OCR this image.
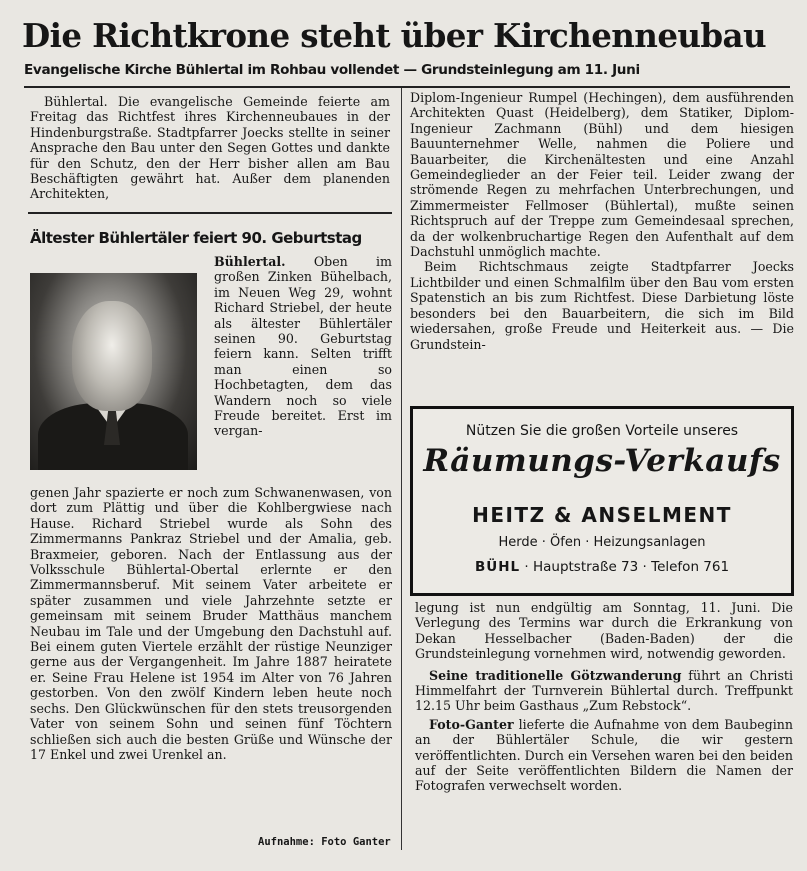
Die Richtkrone steht über Kirchenneubau
Evangelische Kirche Bühlertal im Rohbau vollendet — Grundsteinlegung am 11. Juni

Bühlertal. Die evangelische Gemeinde feierte am Freitag das Richtfest ihres Kirchenneubaues in der Hindenburgstraße. Stadtpfarrer Joecks stellte in seiner Ansprache den Bau unter den Segen Gottes und dankte für den Schutz, den der Herr bisher allen am Bau Beschäftigten gewährt hat. Außer dem planenden Architekten,

Ältester Bühlertäler feiert 90. Geburtstag

Bühlertal. Oben im großen Zinken Bühelbach, im Neuen Weg 29, wohnt Richard Striebel, der heute als ältester Bühlertäler seinen 90. Geburtstag feiern kann. Selten trifft man einen so Hochbetagten, dem das Wandern noch so viele Freude bereitet. Erst im vergan-

genen Jahr spazierte er noch zum Schwanenwasen, von dort zum Plättig und über die Kohlbergwiese nach Hause. Richard Striebel wurde als Sohn des Zimmermanns Pankraz Striebel und der Amalia, geb. Braxmeier, geboren. Nach der Entlassung aus der Volksschule Bühlertal-Obertal erlernte er den Zimmermannsberuf. Mit seinem Vater arbeitete er später zusammen und viele Jahrzehnte setzte er gemeinsam mit seinem Bruder Matthäus manchem Neubau im Tale und der Umgebung den Dachstuhl auf. Bei einem guten Viertele erzählt der rüstige Neunziger gerne aus der Vergangenheit. Im Jahre 1887 heiratete er. Seine Frau Helene ist 1954 im Alter von 76 Jahren gestorben. Von den zwölf Kindern leben heute noch sechs. Den Glückwünschen für den stets treusorgenden Vater von seinem Sohn und seinen fünf Töchtern schließen sich auch die besten Grüße und Wünsche der 17 Enkel und zwei Urenkel an.

Aufnahme: Foto Ganter

Diplom-Ingenieur Rumpel (Hechingen), dem ausführenden Architekten Quast (Heidelberg), dem Statiker, Diplom-Ingenieur Zachmann (Bühl) und dem hiesigen Bauunternehmer Welle, nahmen die Poliere und Bauarbeiter, die Kirchenältesten und eine Anzahl Gemeindeglieder an der Feier teil. Leider zwang der strömende Regen zu mehrfachen Unterbrechungen, und Zimmermeister Fellmoser (Bühlertal), mußte seinen Richtspruch auf der Treppe zum Gemeindesaal sprechen, da der wolkenbruchartige Regen den Aufenthalt auf dem Dachstuhl unmöglich machte.

Beim Richtschmaus zeigte Stadtpfarrer Joecks Lichtbilder und einen Schmalfilm über den Bau vom ersten Spatenstich an bis zum Richtfest. Diese Darbietung löste besonders bei den Bauarbeitern, die sich im Bild wiedersahen, große Freude und Heiterkeit aus. — Die Grundstein-

Nützen Sie die großen Vorteile unseres
Räumungs-Verkaufs
HEITZ & ANSELMENT
Herde · Öfen · Heizungsanlagen
BÜHL · Hauptstraße 73 · Telefon 761

legung ist nun endgültig am Sonntag, 11. Juni. Die Verlegung des Termins war durch die Erkrankung von Dekan Hesselbacher (Baden-Baden) der die Grundsteinlegung vornehmen wird, notwendig geworden.

Seine traditionelle Götzwanderung führt an Christi Himmelfahrt der Turnverein Bühlertal durch. Treffpunkt 12.15 Uhr beim Gasthaus „Zum Rebstock“.

Foto-Ganter lieferte die Aufnahme von dem Baubeginn an der Bühlertäler Schule, die wir gestern veröffentlichten. Durch ein Versehen waren bei den beiden auf der Seite veröffentlichten Bildern die Namen der Fotografen verwechselt worden.
